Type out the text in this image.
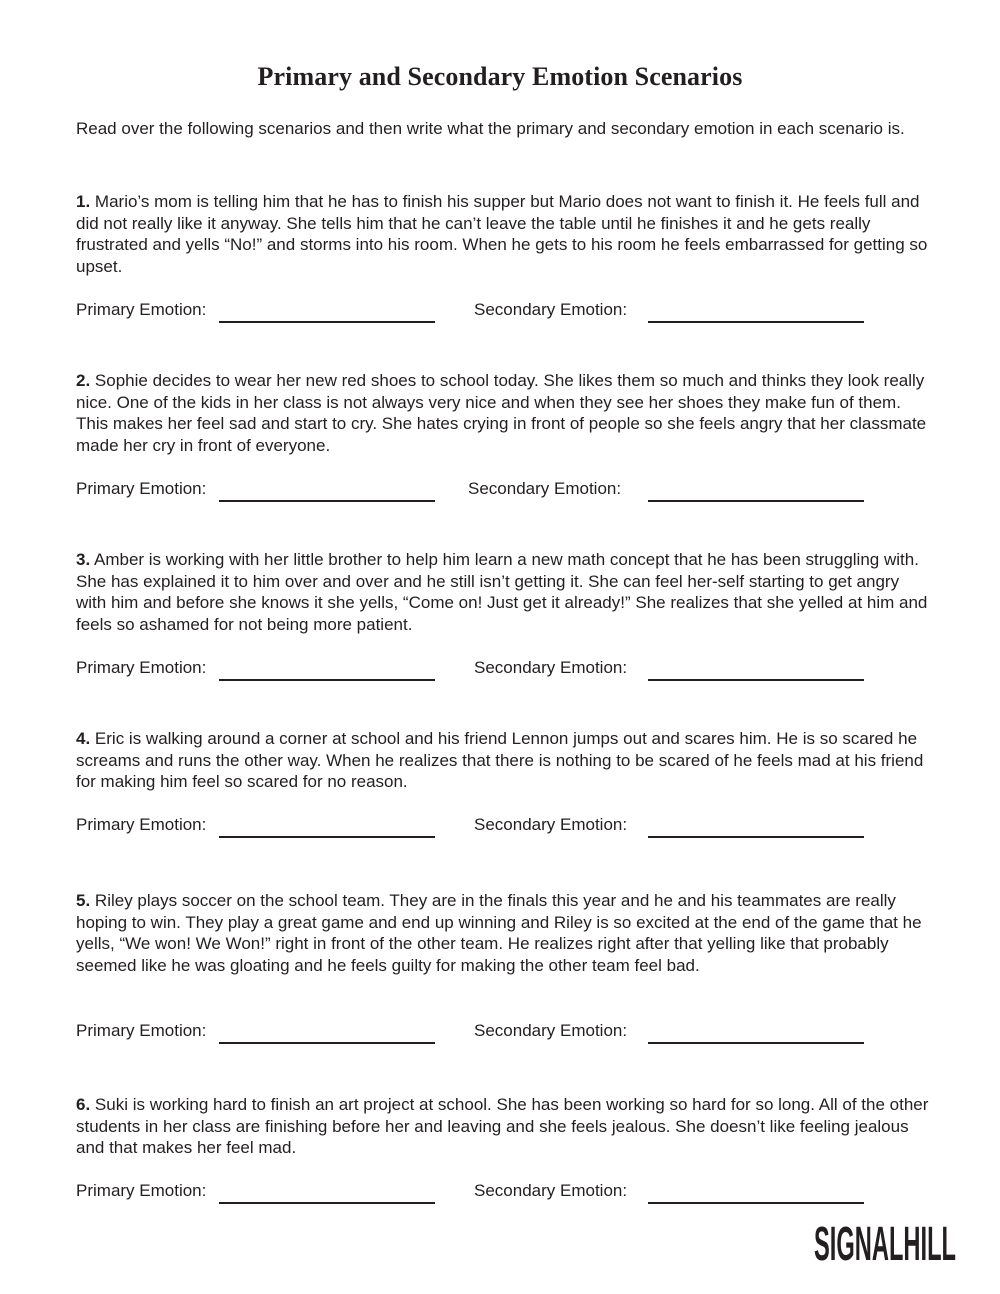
Primary and Secondary Emotion Scenarios

Read over the following scenarios and then write what the primary and secondary emotion in each scenario is.

1. Mario’s mom is telling him that he has to finish his supper but Mario does not want to finish it. He feels full and did not really like it anyway. She tells him that he can’t leave the table until he finishes it and he gets really frustrated and yells “No!” and storms into his room. When he gets to his room he feels embarrassed for getting so upset.

Primary Emotion:	Secondary Emotion:

2. Sophie decides to wear her new red shoes to school today. She likes them so much and thinks they look really nice. One of the kids in her class is not always very nice and when they see her shoes they make fun of them. This makes her feel sad and start to cry. She hates crying in front of people so she feels angry that her classmate made her cry in front of everyone.

Primary Emotion:	Secondary Emotion:

3. Amber is working with her little brother to help him learn a new math concept that he has been struggling with. She has explained it to him over and over and he still isn’t getting it. She can feel her-self starting to get angry with him and before she knows it she yells, “Come on! Just get it already!” She realizes that she yelled at him and feels so ashamed for not being more patient.

Primary Emotion:	Secondary Emotion:

4. Eric is walking around a corner at school and his friend Lennon jumps out and scares him. He is so scared he screams and runs the other way. When he realizes that there is nothing to be scared of he feels mad at his friend for making him feel so scared for no reason.

Primary Emotion:	Secondary Emotion:

5. Riley plays soccer on the school team. They are in the finals this year and he and his teammates are really hoping to win. They play a great game and end up winning and Riley is so excited at the end of the game that he yells, “We won! We Won!” right in front of the other team. He realizes right after that yelling like that probably seemed like he was gloating and he feels guilty for making the other team feel bad.

Primary Emotion:	Secondary Emotion:

6. Suki is working hard to finish an art project at school. She has been working so hard for so long. All of the other students in her class are finishing before her and leaving and she feels jealous. She doesn’t like feeling jealous and that makes her feel mad.

Primary Emotion:	Secondary Emotion:
SIGNALHILL
